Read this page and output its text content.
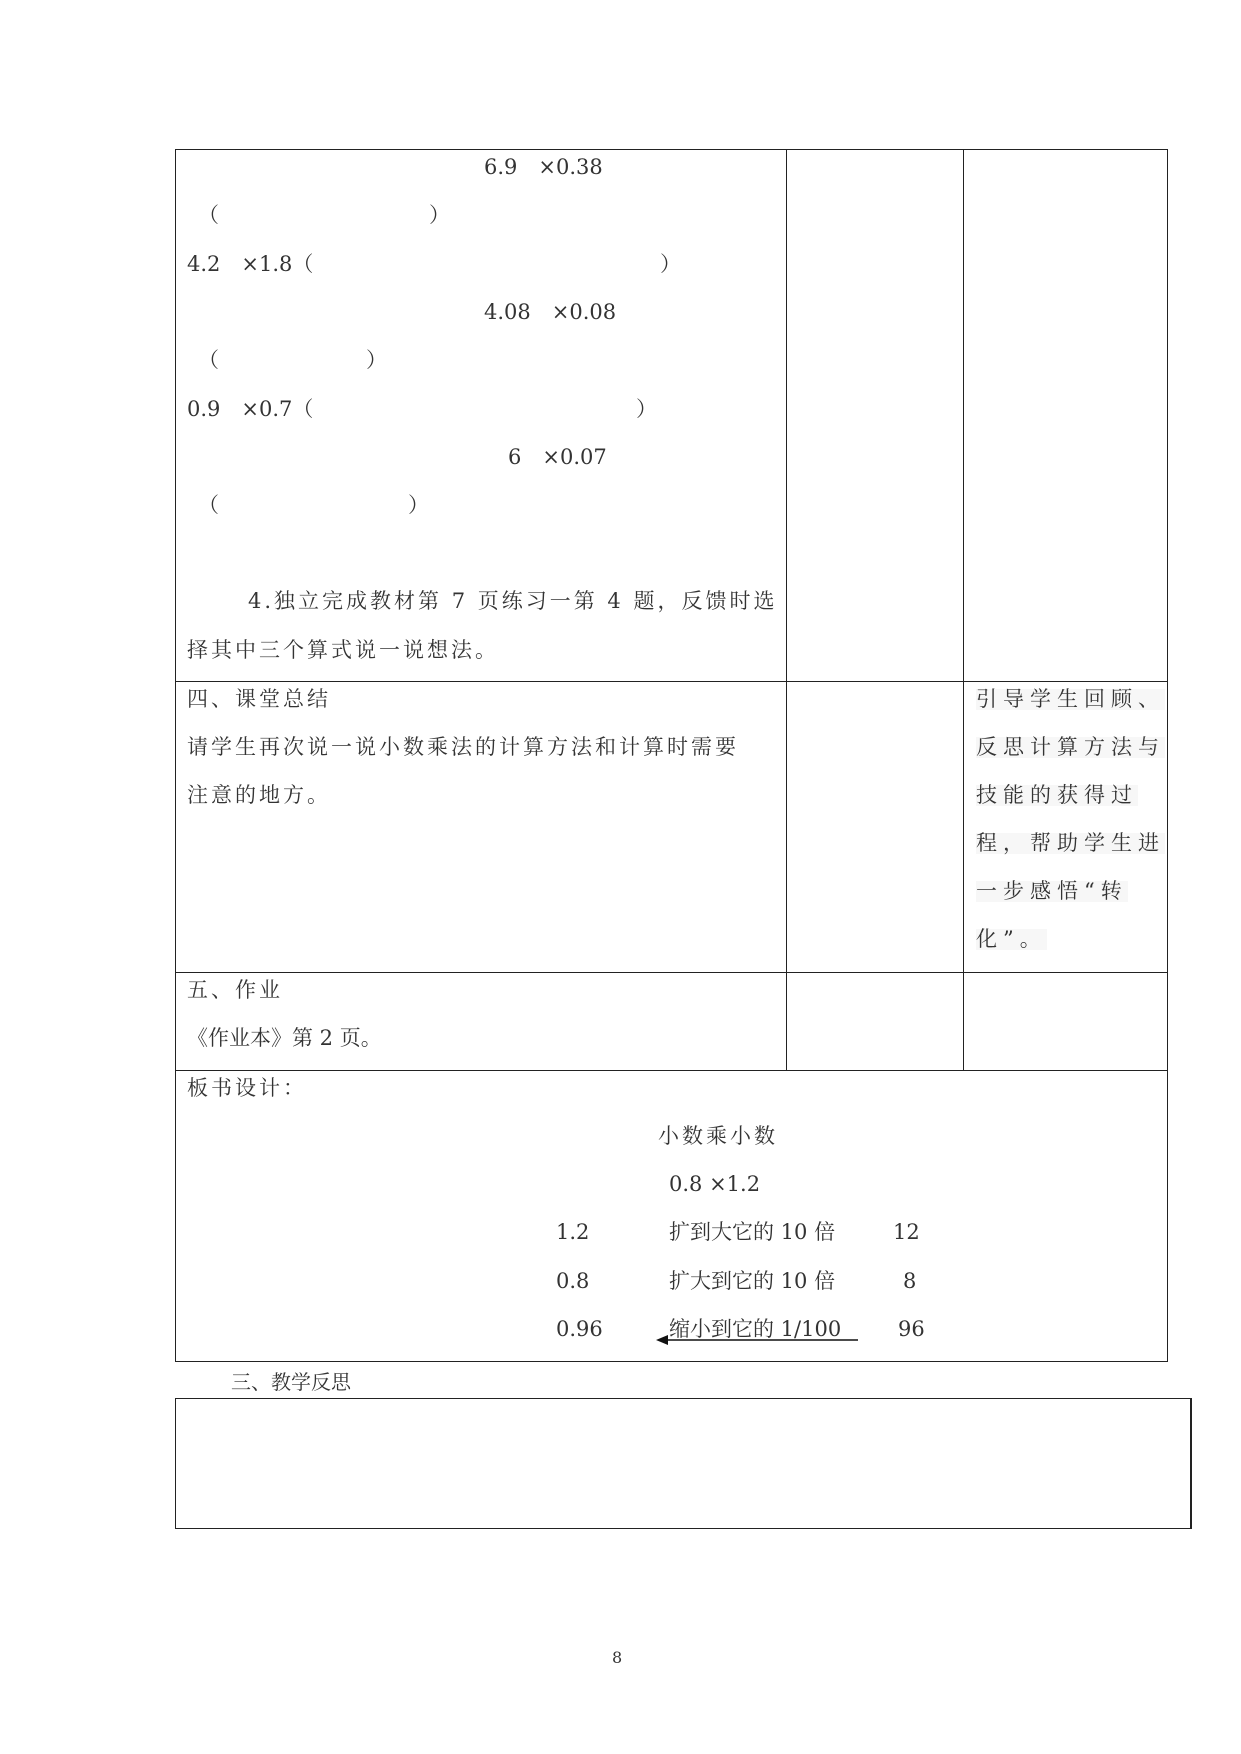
6.9　×0.38
（　　　　　　　　　　）
4.2　×1.8（	）
4.08　×0.08
（　　　　　　　）
0.9　×0.7（	）
6　×0.07
（　　　　　　　　　）
4.独立完成教材第 7 页练习一第 4 题，反馈时选
择其中三个算式说一说想法。
四、课堂总结
请学生再次说一说小数乘法的计算方法和计算时需要
注意的地方。
引导学生回顾、
反思计算方法与
技能的获得过
程，帮助学生进
一步感悟“转
化”。
五、作业
《作业本》第 2 页。
板书设计：
小数乘小数
0.8 ×1.2
1.2	扩到大它的 10 倍	12
0.8	扩大到它的 10 倍	8
0.96	缩小到它的 1/100	96
三、教学反思
8
